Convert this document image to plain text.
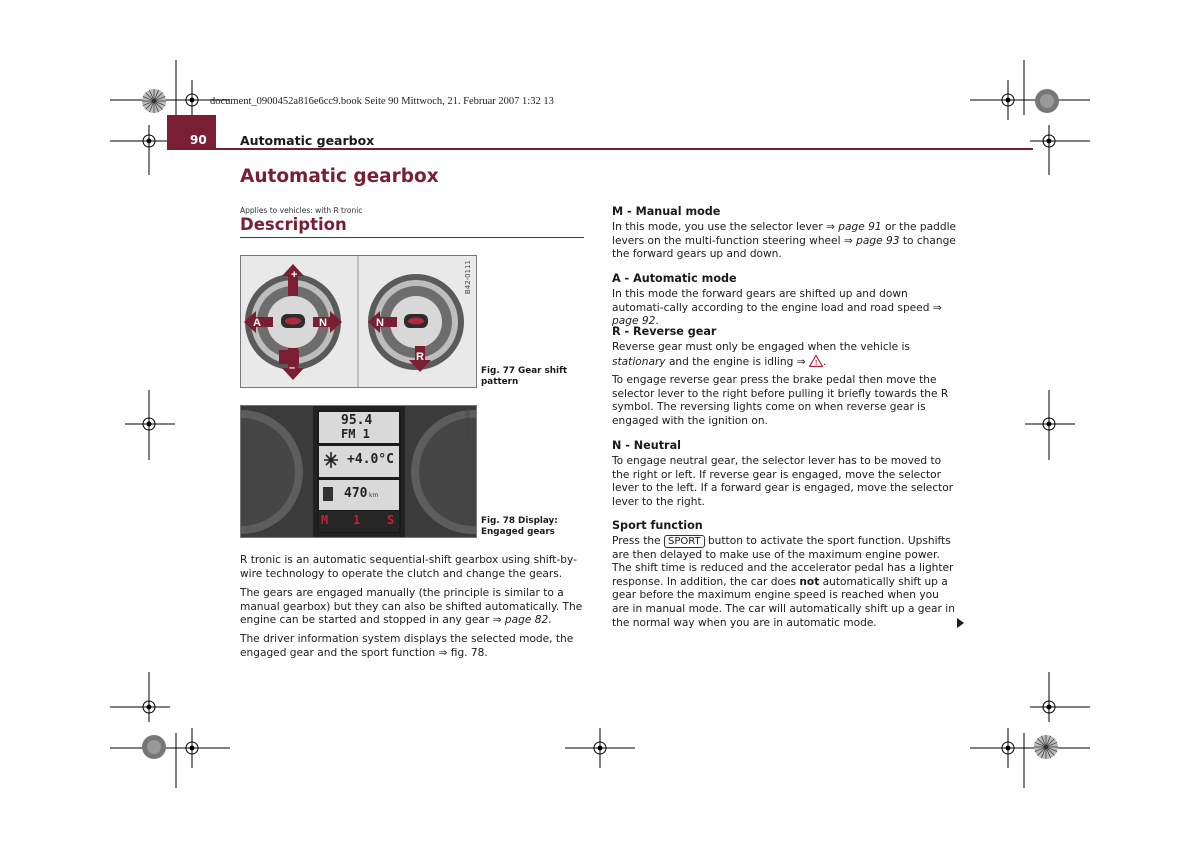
document_0900452a816e6cc9.book Seite 90 Mittwoch, 21. Februar 2007 1:32 13
90	Automatic gearbox
Automatic gearbox
Applies to vehicles: with R tronic
Description
+
–
A	N	N
R
B42-0111
Fig. 77 Gear shift
pattern
95.4
FM 1
+4.0°C
470 km
M 1 S
B42-0066
Fig. 78 Display:
Engaged gears
R tronic is an automatic sequential-shift gearbox using shift-by-wire technology to operate the clutch and change the gears.
The gears are engaged manually (the principle is similar to a manual gearbox) but they can also be shifted automatically. The engine can be started and stopped in any gear ⇒ page 82.
The driver information system displays the selected mode, the engaged gear and the sport function ⇒ fig. 78.
M - Manual mode
In this mode, you use the selector lever ⇒ page 91 or the paddle levers on the multi-function steering wheel ⇒ page 93 to change the forward gears up and down.
A - Automatic mode
In this mode the forward gears are shifted up and down automati-cally according to the engine load and road speed ⇒ page 92.
R - Reverse gear
Reverse gear must only be engaged when the vehicle is stationary and the engine is idling ⇒ ! .
To engage reverse gear press the brake pedal then move the selector lever to the right before pulling it briefly towards the R symbol. The reversing lights come on when reverse gear is engaged with the ignition on.
N - Neutral
To engage neutral gear, the selector lever has to be moved to the right or left. If reverse gear is engaged, move the selector lever to the left. If a forward gear is engaged, move the selector lever to the right.
Sport function
Press the SPORT button to activate the sport function. Upshifts are then delayed to make use of the maximum engine power. The shift time is reduced and the accelerator pedal has a lighter response. In addition, the car does not automatically shift up a gear before the maximum engine speed is reached when you are in manual mode. The car will automatically shift up a gear in the normal way when you are in automatic mode.
